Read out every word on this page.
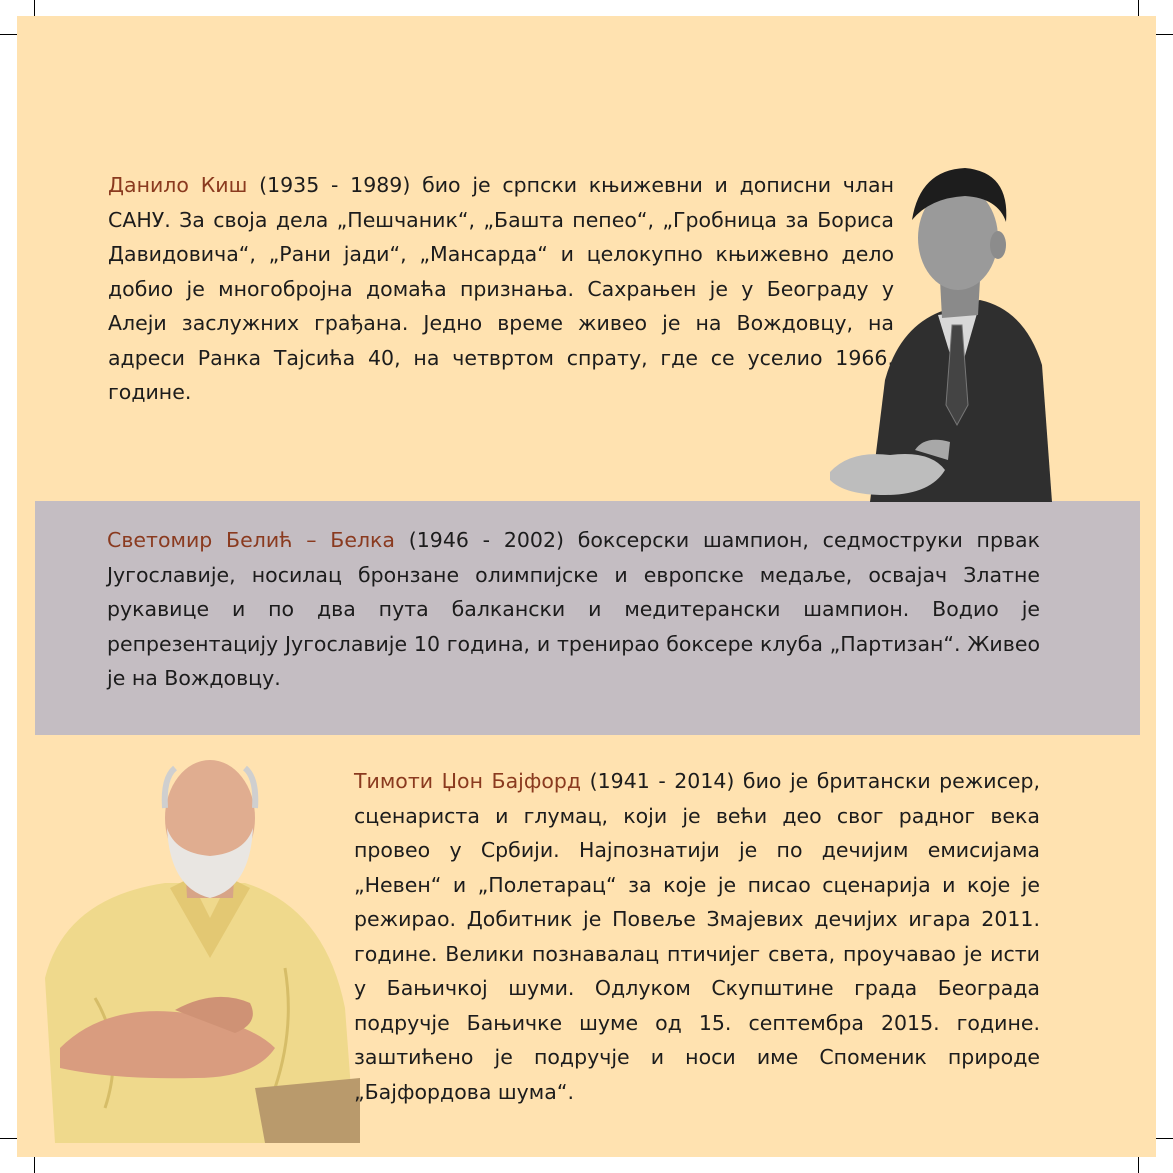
Данило Киш (1935 - 1989) био је српски књижевни и дописни члан САНУ. За своја дела „Пешчаник“, „Башта пепео“, „Гробница за Бориса Давидовича“, „Рани јади“, „Мансарда“ и целокупно књижевно дело добио је многобројна домаћа признања. Сахрањен је у Београду у Алеји заслужних грађана. Једно време живео је на Вождовцу, на адреси Ранка Тајсића 40, на четвртом спрату, где се уселио 1966. године.

Светомир Белић – Белка (1946 - 2002) боксерски шампион, седмоструки првак Југославије, носилац бронзане олимпијске и европске медаље, освајач Златне рукавице и по два пута балкански и медитерански шампион. Водио је репрезентацију Југославије 10 година, и тренирао боксере клуба „Партизан“. Живео је на Вождовцу.

Тимоти Џон Бајфорд (1941 - 2014) био је британски режисер, сценариста и глумац, који је већи део свог радног века провео у Србији. Најпознатији је по дечијим емисијама „Невен“ и „Полетарац“ за које је писао сценарија и које је режирао. Добитник је Повеље Змајевих дечијих игара 2011. године. Велики познавалац птичијег света, проучавао је исти у Бањичкој шуми. Одлуком Скупштине града Београда подручје Бањичке шуме од 15. септембра 2015. године. заштићено је подручје и носи име Споменик природе „Бајфордова шума“.
